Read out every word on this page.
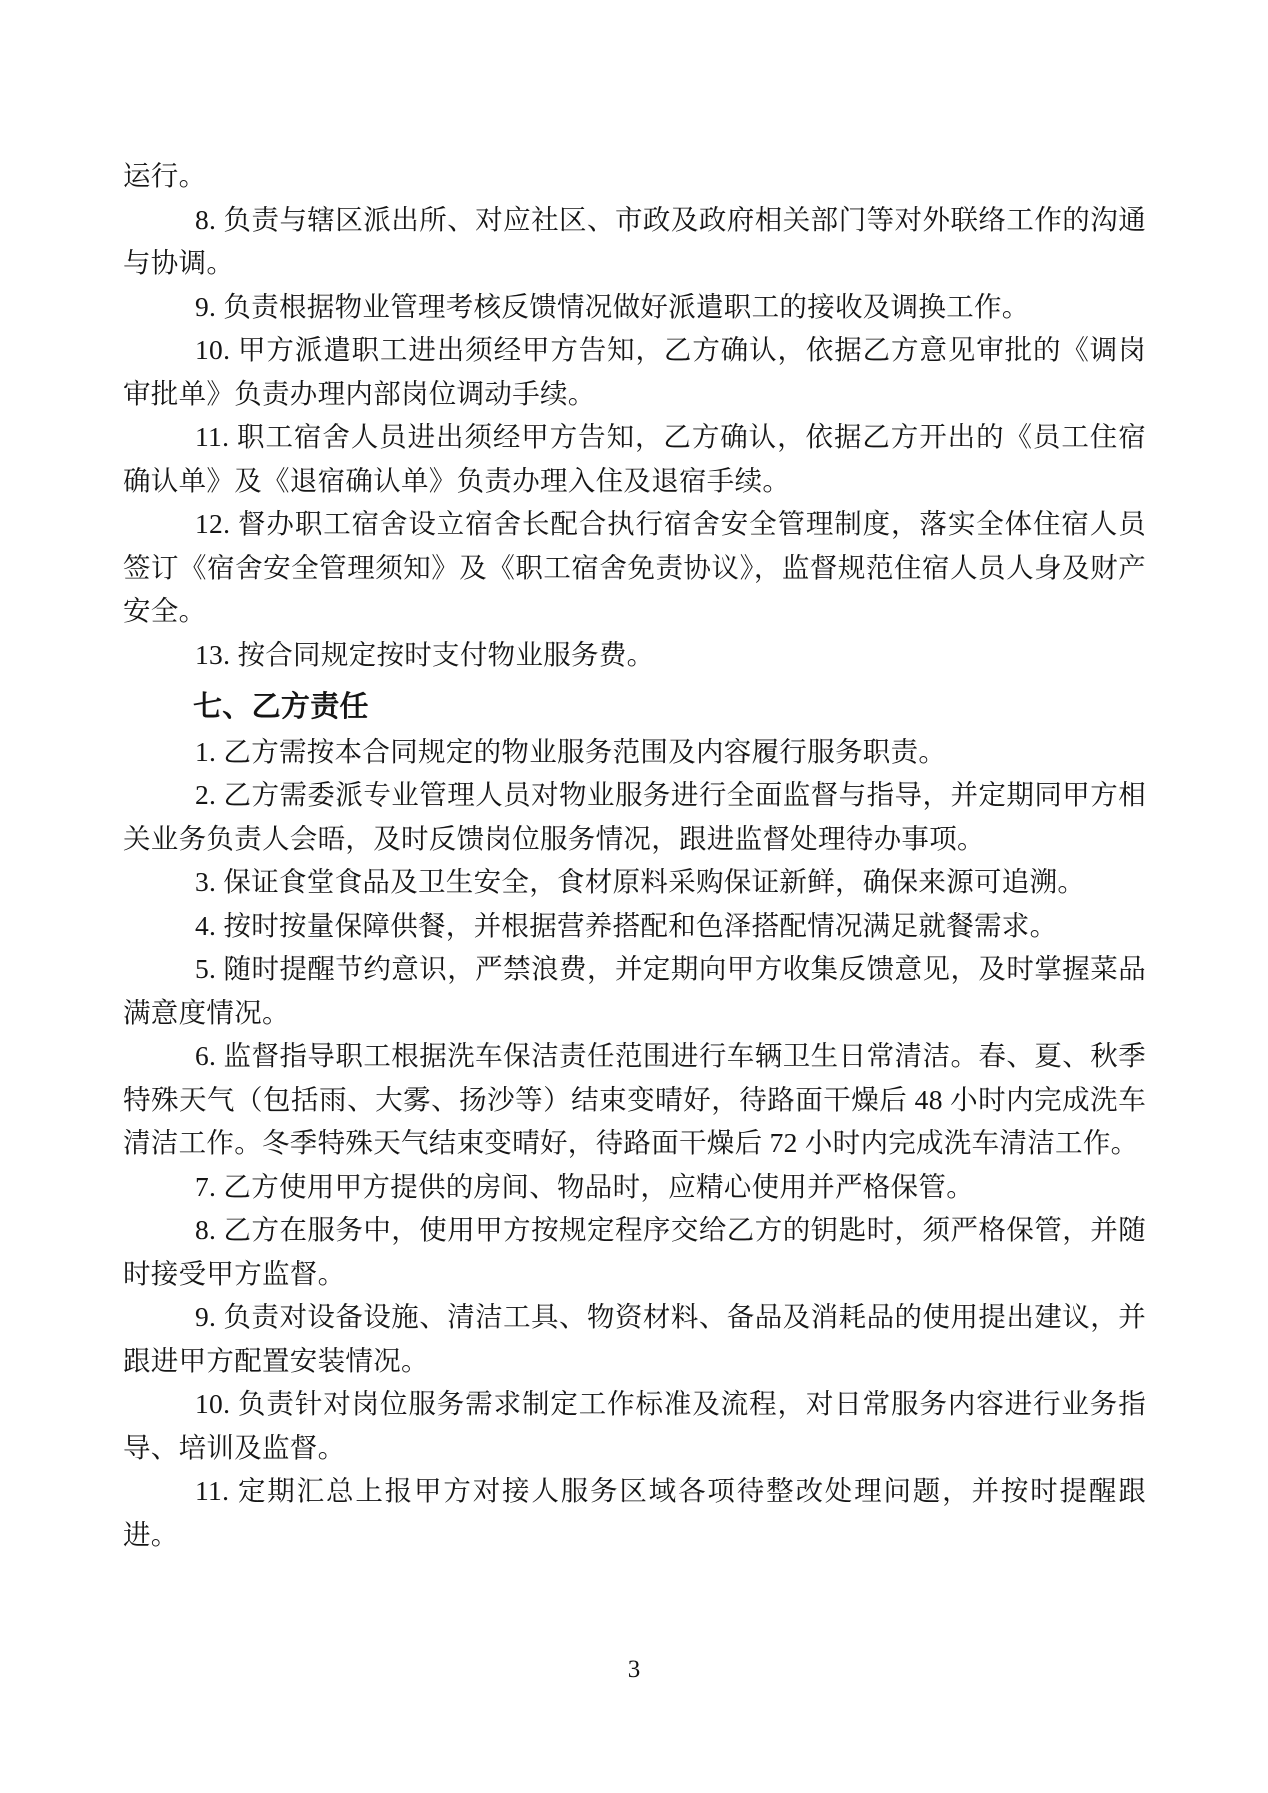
运行。

8. 负责与辖区派出所、对应社区、市政及政府相关部门等对外联络工作的沟通与协调。

9. 负责根据物业管理考核反馈情况做好派遣职工的接收及调换工作。

10. 甲方派遣职工进出须经甲方告知，乙方确认，依据乙方意见审批的《调岗审批单》负责办理内部岗位调动手续。

11. 职工宿舍人员进出须经甲方告知，乙方确认，依据乙方开出的《员工住宿确认单》及《退宿确认单》负责办理入住及退宿手续。

12. 督办职工宿舍设立宿舍长配合执行宿舍安全管理制度，落实全体住宿人员签订《宿舍安全管理须知》及《职工宿舍免责协议》，监督规范住宿人员人身及财产安全。

13. 按合同规定按时支付物业服务费。

七、乙方责任

1. 乙方需按本合同规定的物业服务范围及内容履行服务职责。

2. 乙方需委派专业管理人员对物业服务进行全面监督与指导，并定期同甲方相关业务负责人会晤，及时反馈岗位服务情况，跟进监督处理待办事项。

3. 保证食堂食品及卫生安全，食材原料采购保证新鲜，确保来源可追溯。

4. 按时按量保障供餐，并根据营养搭配和色泽搭配情况满足就餐需求。

5. 随时提醒节约意识，严禁浪费，并定期向甲方收集反馈意见，及时掌握菜品满意度情况。

6. 监督指导职工根据洗车保洁责任范围进行车辆卫生日常清洁。春、夏、秋季特殊天气（包括雨、大雾、扬沙等）结束变晴好，待路面干燥后 48 小时内完成洗车清洁工作。冬季特殊天气结束变晴好，待路面干燥后 72 小时内完成洗车清洁工作。

7. 乙方使用甲方提供的房间、物品时，应精心使用并严格保管。

8. 乙方在服务中，使用甲方按规定程序交给乙方的钥匙时，须严格保管，并随时接受甲方监督。

9. 负责对设备设施、清洁工具、物资材料、备品及消耗品的使用提出建议，并跟进甲方配置安装情况。

10. 负责针对岗位服务需求制定工作标准及流程，对日常服务内容进行业务指导、培训及监督。

11. 定期汇总上报甲方对接人服务区域各项待整改处理问题，并按时提醒跟进。

3
